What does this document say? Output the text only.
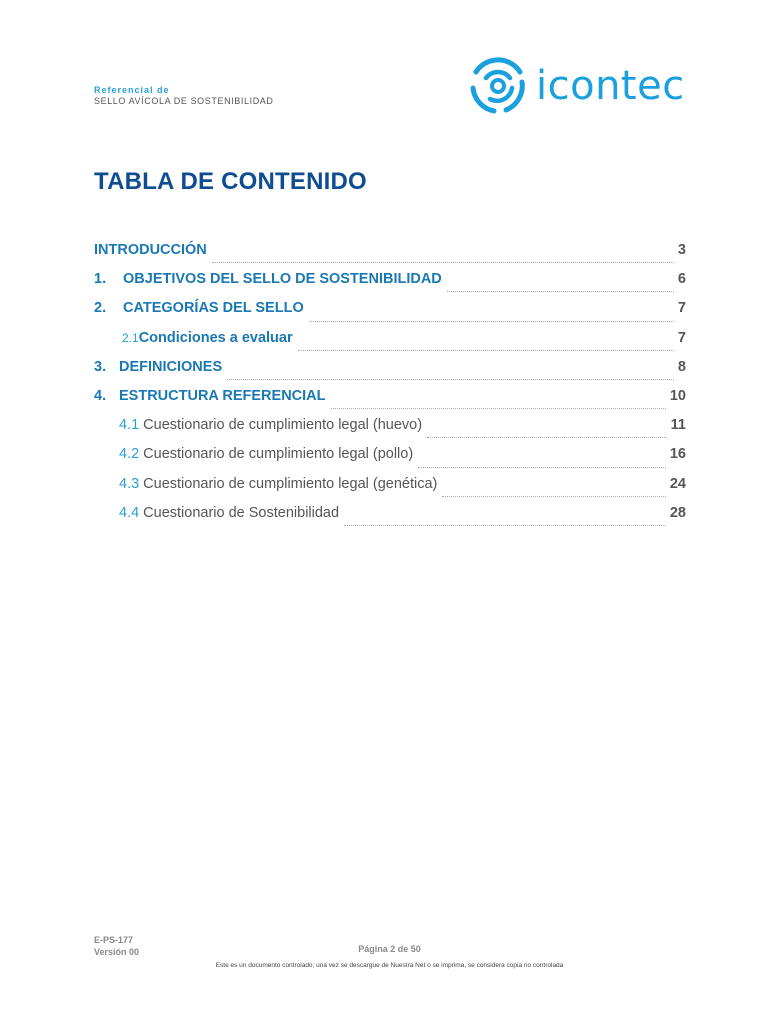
Referencial de
SELLO AVÍCOLA DE SOSTENIBILIDAD	icontec
TABLA DE CONTENIDO
INTRODUCCIÓN	3
1.	OBJETIVOS DEL SELLO DE SOSTENIBILIDAD	6
2.	CATEGORÍAS DEL SELLO	7
2.1 Condiciones a evaluar	7
3. DEFINICIONES	8
4. ESTRUCTURA REFERENCIAL	10
4.1 Cuestionario de cumplimiento legal (huevo)	11
4.2 Cuestionario de cumplimiento legal (pollo)	16
4.3 Cuestionario de cumplimiento legal (genética)	24
4.4 Cuestionario de Sostenibilidad	28
E-PS-177
Versión 00	Página 2 de 50
Este es un documento controlado; una vez se descargue de Nuestra Net o se imprima, se considera copia no controlada
